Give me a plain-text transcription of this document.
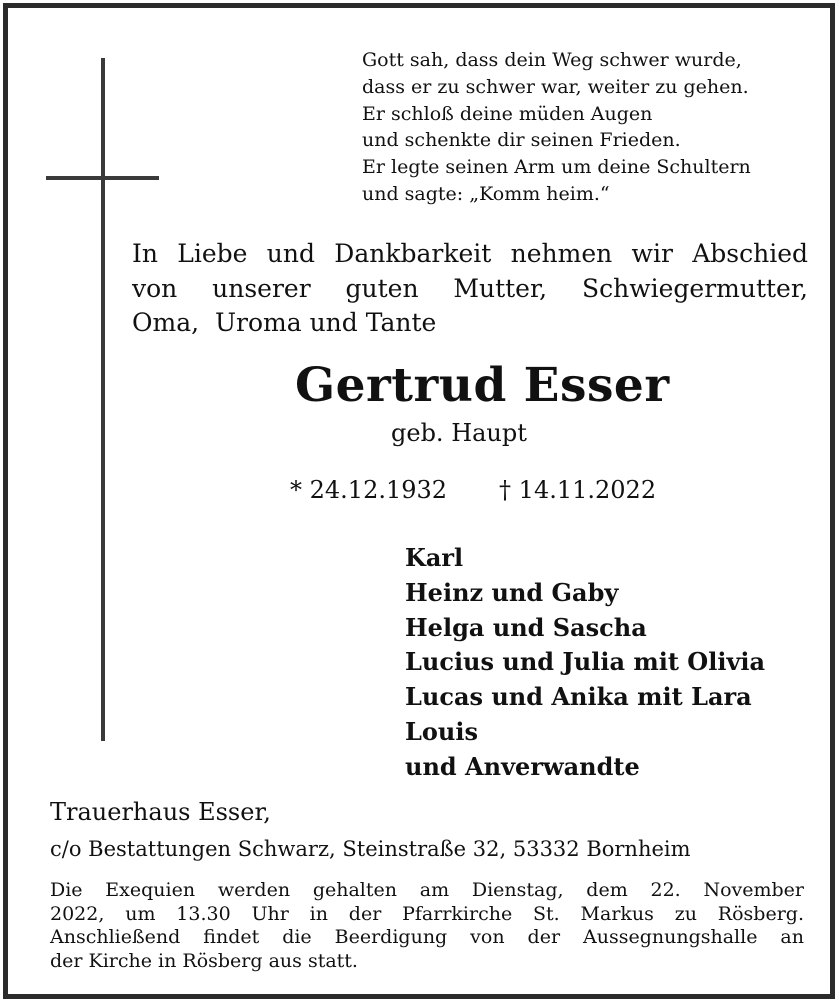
Gott sah, dass dein Weg schwer wurde,
dass er zu schwer war, weiter zu gehen.
Er schloß deine müden Augen
und schenkte dir seinen Frieden.
Er legte seinen Arm um deine Schultern
und sagte: „Komm heim.“
In Liebe und Dankbarkeit nehmen wir Abschied
von unserer guten Mutter, Schwiegermutter,
Oma,  Uroma und Tante
Gertrud Esser
geb. Haupt
* 24.12.1932 † 14.11.2022
Karl
Heinz und Gaby
Helga und Sascha
Lucius und Julia mit Olivia
Lucas und Anika mit Lara
Louis
und Anverwandte
Trauerhaus Esser,
c/o Bestattungen Schwarz, Steinstraße 32, 53332 Bornheim
Die Exequien werden gehalten am Dienstag, dem 22. November
2022, um 13.30 Uhr in der Pfarrkirche St. Markus zu Rösberg.
Anschließend findet die Beerdigung von der Aussegnungshalle an
der Kirche in Rösberg aus statt.
